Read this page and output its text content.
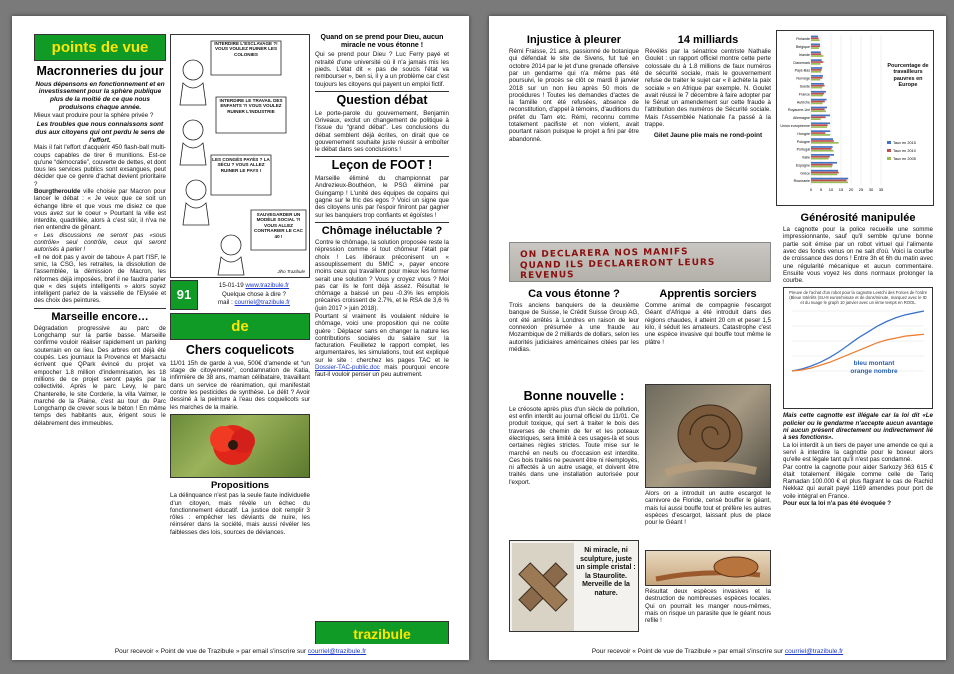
points de vue
Macronneries du jour
Nous dépensons en fonctionnement et en investissement pour la sphère publique plus de la moitié de ce que nous produisons chaque année.
Mieux vaut produire pour la sphère privée ?
Les troubles que nous connaissons sont dus aux citoyens qui ont perdu le sens de l'effort.
Mais il fait l'effort d'acquérir 450 flash-ball multi-coups capables de tirer 6 munitions. Est-ce qu'une “démocratie”, couverte de dettes, et dont tous les services publics sont exsangues, peut décider que ce genre d'achat devient prioritaire ?
Bourgtheroulde ville choisie par Macron pour lancer le débat : « Je veux que ce soit un échange libre et que vous me disiez ce que vous avez sur le coeur » Pourtant la ville est interdite, quadrillée, alors à c'est sûr, il n'va ne rien entendre de gênant.
« Les discussions ne seront pas «sous contrôle» seul contrôle, ceux qui seront autorisés à parler !
«Il ne doit pas y avoir de tabou» À part l'ISF, le smic, la CSG, les retraites, la dissolution de l'assemblée, la démission de Macron, les réformes déjà imposées, bref il ne faudra parler que « des sujets intelligents » alors soyez intelligent parlez de la vaisselle de l'Elysée et des choix des peintures.
Marseille encore…
Dégradation progressive au parc de Longchamp sur la partie basse. Marseille confirme vouloir réaliser rapidement un parking souterrain en ce lieu. Des arbres ont déjà été coupés. Les journaux la Provence et Marsactu écrivent que QPark évincé du projet va empocher 1.8 million d'indemnisation, les 18 millions de ce projet seront payés par la collectivité. Après le parc Levy, le parc Chanterelle, le site Corderie, la villa Valmer, le marché de la Plaine, c'est au tour du Parc Longchamp de crever sous le béton ! En même temps des habitants aux, érigent sous le délabrement des immeubles.
INTERDIRE L'ESCLAVAGE ?! VOUS VOULEZ RUINER LES COLONIES
INTERDIRE LE TRAVAIL DES ENFANTS ?! VOUS VOULEZ RUINER L'INDUSTRIE
LES CONGÉS PAYÉS ? LA SÉCU ? VOUS ALLEZ RUINER LE PAYS !
SAUVEGARDER UN MODÈLE SOCIAL ?! VOUS ALLEZ CONTRARIER LE CAC 40 !
Jiho Trazibule
91
15-01-19 www.trazibule.fr
Quelque chose à dire ?
mail : courriel@trazibule.fr
de
Chers coquelicots
11/01 15h de garde à vue, 500€ d'amende et “un stage de citoyenneté”, condamnation de Katia, infirmière de 38 ans, maman célibataire, travaillant dans un service de réanimation, qui manifestait contre les pesticides de synthèse. Le délit ? Avoir dessiné à la peinture à l'eau des coquelicots sur les marches de la mairie.
Propositions
La délinquance n'est pas la seule faute individuelle d'un citoyen, mais révèle un échec du fonctionnement éducatif. La justice doit remplir 3 rôles : empêcher les déviants de nuire, les réinsérer dans la société, mais aussi révéler les faiblesses des lois, sources de déviances.
Quand on se prend pour Dieu, aucun miracle ne vous étonne !
Qui se prend pour Dieu ? Luc Ferry payé et retraité d'une université où il n'a jamais mis les pieds. L'état dit « pas de soucis l'état va rembourser », ben si, il y a un problème car c'est toujours les citoyens qui payent un emploi fictif.
Question débat
Le porte-parole du gouvernement, Benjamin Griveaux, exclut un changement de politique à l'issue du “grand débat”. Les conclusions du débat semblent déjà écrites, on dirait que ce gouvernement souhaite juste réussir à emboîter le débat dans ses conclusions !
Leçon de FOOT !
Marseille éliminé du championnat par Andrezieux-Bouthéon, le PSG éliminé par Guingamp ! L'unité des équipes de copains qui gagne sur le fric des egos ? Voici un signe que des citoyens unis par l'espoir finiront par gagner sur les banquiers trop confiants et égoïstes !
Chômage inéluctable ?
Contre le chômage, la solution proposée reste la répression comme si tout chômeur l'était par choix ! Les libéraux préconisent un « assouplissement du SMIC », payer encore moins ceux qui travaillent pour mieux les former serait une solution ? Vous y croyez vous ? Moi pas car ils le font déjà assez. Résultat le chômage a baissé un peu -0.3% les emplois précaires croissent de 2.7%, et le RSA de 3,6 % (juin 2017 > juin 2018).
Pourtant si vraiment ils voulaient réduire le chômage, voici une proposition qui ne coûte guère : Déplacer sans en changer la nature les contributions sociales du salaire sur la facturation. Feuilletez le rapport complet, les argumentaires, les simulations, tout est expliqué sur le site : cherchez les pages TAC et le Dossier-TAC-public.doc mais pourquoi encore faut-il vouloir penser un peu autrement.
trazibule
Pour recevoir « Point de vue de Trazibule » par email s'inscrire sur courriel@trazibule.fr
Injustice à pleurer
Rémi Fraisse, 21 ans, passionné de botanique qui défendait le site de Sivens, fut tué en octobre 2014 par le jet d'une grenade offensive par un gendarme qui n'a même pas été poursuivi, le procès se clôt ce mardi 8 janvier 2018 sur un non lieu après 50 mois de procédures ! Toutes les demandes d'actes de la famille ont été refusées, absence de reconstitution, d'appel à témoins, d'auditions du préfet du Tarn etc. Rémi, reconnu comme totalement pacifiste et non violent, avait pourtant raison puisque le projet a fini par être abandonné.
14 milliards
Révélés par la sénatrice centriste Nathalie Goulet : un rapport officiel montre cette perte colossale du à 1.8 millions de faux numéros de sécurité sociale, mais le gouvernement refuse de traiter le sujet car « il achète la paix sociale » en Afrique par exemple. N. Goulet avait réussi le 7 décembre à faire adopter par le Sénat un amendement sur cette fraude à l'attribution des numéros de Sécurité sociale. Mais l'Assemblée Nationale l'a passé à la trappe.
Gilet Jaune plie mais ne rond-point
0 5 10 15 20 25 30 35
Finlande
Belgique
Irlande
Danemark
Pays-Bas
Norvège
Suède
France
Autriche
Royaume-Uni
Allemagne
Union européenne
Hongrie
Pologne
Portugal
Italie
Espagne
Grèce
Roumanie
Taux en 2015
Taux en 2010
Taux en 2005
Pourcentage de travailleurs pauvres en Europe
ON DECLARERA NOS MANIFS
QUAND ILS DECLARERONT LEURS REVENUS
Ca vous étonne ?
Trois anciens banquiers de la deuxième banque de Suisse, le Crédit Suisse Group AG, ont été arrêtés à Londres en raison de leur connexion présumée à une fraude au Mozambique de 2 milliards de dollars, selon les autorités judiciaires américaines citées par les médias.
Bonne nouvelle :
Le créosote après plus d'un siècle de pollution, est enfin interdit au journal officiel du 11/01. Ce produit toxique, qui sert à traiter le bois des traverses de chemin de fer et les poteaux électriques, sera limité à ces usages-là et sous certaines règles strictes. Toute mise sur le marché en neufs ou d'occasion est interdite. Ces bois traités ne peuvent être ni réemployés, ni affectés à un autre usage, et doivent être traités dans une installation autorisée pour l'export.
Apprentis sorciers
Comme animal de compagnie l'escargot Géant d'Afrique a été introduit dans des régions chaudes, il atteint 20 cm et peser 1,5 kilo, il séduit les amateurs. Catastrophe c'est une espèce invasive qui bouffe tout même le plâtre !
Alors on a introduit un autre escargot le carnivore de Floride, censé bouffer le géant, mais lui aussi bouffe tout et préfère les autres espèces d'escargot, laissant plus de place pour le Géant !
Ni miracle, ni sculpture, juste un simple cristal : la Staurolite. Merveille de la nature.	Résultat deux espèces invasives et la destruction de nombreuses espèces locales. Qui on pourrait les manger nous-mêmes, mais on risque un parasite que le géant nous refile !
Générosité manipulée
La cagnotte pour la police recueille une somme impressionnante, sauf qu'il semble qu'une bonne partie soit émise par un robot virtuel qui l'alimente avec des fonds venus on ne sait d'où. Voici la courbe de croissance des dons ! Entre 3h et 6h du matin avec une régularité mécanique et aucun commentaire. Ensuite vous voyez les dons normaux prolonger la courbe.
Preuve de l'achat d'un robot pour la cagnotte Leetchi des Forces de l'ordre (Bleue Intérêts (SU-8 euros/minute et de dons/minute, marquez avec le ID et du nuage le graph 10 janvier avec un ième temps en ROOL
bleu montant orange nombre
Mais cette cagnotte est illégale car la loi dit «Le policier ou le gendarme n'accepte aucun avantage ni aucun présent directement ou indirectement lié à ses fonctions».
La loi interdit à un tiers de payer une amende ce qui a servi à interdire la cagnotte pour le boxeur alors qu'elle est légale tant qu'il n'est pas condamné.
Par contre la cagnotte pour aider Sarkozy 363 615 € était totalement illégale comme celle de Tariq Ramadan 100.000 € et plus flagrant le cas de Rachid Nekkaz qui aurait payé 1169 amendes pour port de voile intégral en France.
Pour eux la loi n'a pas été évoquée ?
Pour recevoir « Point de vue de Trazibule » par email s'inscrire sur courriel@trazibule.fr
